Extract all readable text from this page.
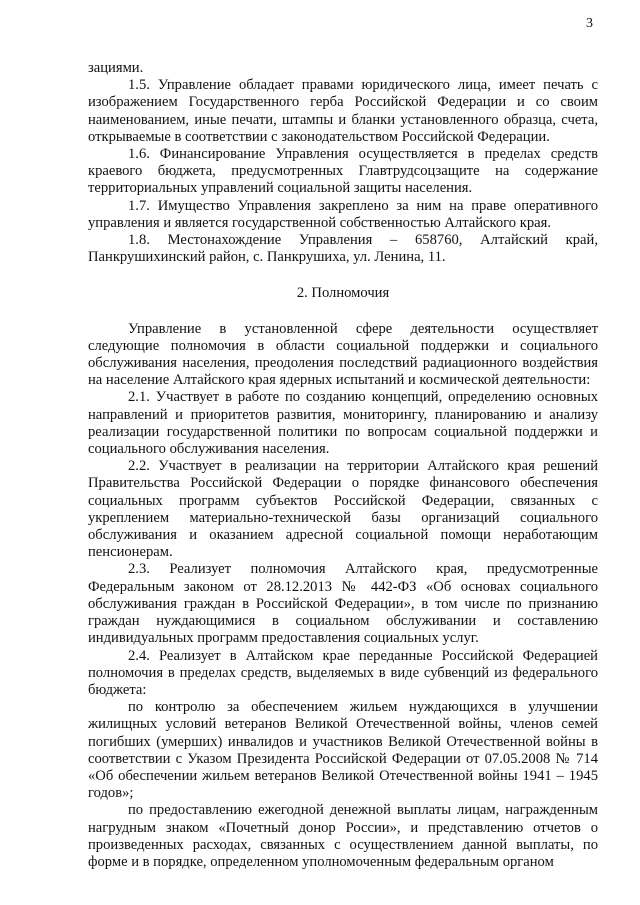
3

зациями.

1.5. Управление обладает правами юридического лица, имеет печать с изображением Государственного герба Российской Федерации и со своим наименованием, иные печати, штампы и бланки установленного образца, счета, открываемые в соответствии с законодательством Российской Федерации.

1.6. Финансирование Управления осуществляется в пределах средств краевого бюджета, предусмотренных Главтрудсоцзащите на содержание территориальных управлений социальной защиты населения.

1.7. Имущество Управления закреплено за ним на праве оперативного управления и является государственной собственностью Алтайского края.

1.8. Местонахождение Управления – 658760, Алтайский край, Панкрушихинский район, с. Панкрушиха, ул. Ленина, 11.

2. Полномочия

Управление в установленной сфере деятельности осуществляет следующие полномочия в области социальной поддержки и социального обслуживания населения, преодоления последствий радиационного воздействия на население Алтайского края ядерных испытаний и космической деятельности:

2.1. Участвует в работе по созданию концепций, определению основных направлений и приоритетов развития, мониторингу, планированию и анализу реализации государственной политики по вопросам социальной поддержки и социального обслуживания населения.

2.2. Участвует в реализации на территории Алтайского края решений Правительства Российской Федерации о порядке финансового обеспечения социальных программ субъектов Российской Федерации, связанных с укреплением материально-технической базы организаций социального обслуживания и оказанием адресной социальной помощи неработающим пенсионерам.

2.3. Реализует полномочия Алтайского края, предусмотренные Федеральным законом от 28.12.2013 № 442-ФЗ «Об основах социального обслуживания граждан в Российской Федерации», в том числе по признанию граждан нуждающимися в социальном обслуживании и составлению индивидуальных программ предоставления социальных услуг.

2.4. Реализует в Алтайском крае переданные Российской Федерацией полномочия в пределах средств, выделяемых в виде субвенций из федерального бюджета:

по контролю за обеспечением жильем нуждающихся в улучшении жилищных условий ветеранов Великой Отечественной войны, членов семей погибших (умерших) инвалидов и участников Великой Отечественной войны в соответствии с Указом Президента Российской Федерации от 07.05.2008 № 714 «Об обеспечении жильем ветеранов Великой Отечественной войны 1941 – 1945 годов»;

по предоставлению ежегодной денежной выплаты лицам, награжденным нагрудным знаком «Почетный донор России», и представлению отчетов о произведенных расходах, связанных с осуществлением данной выплаты, по форме и в порядке, определенном уполномоченным федеральным органом
